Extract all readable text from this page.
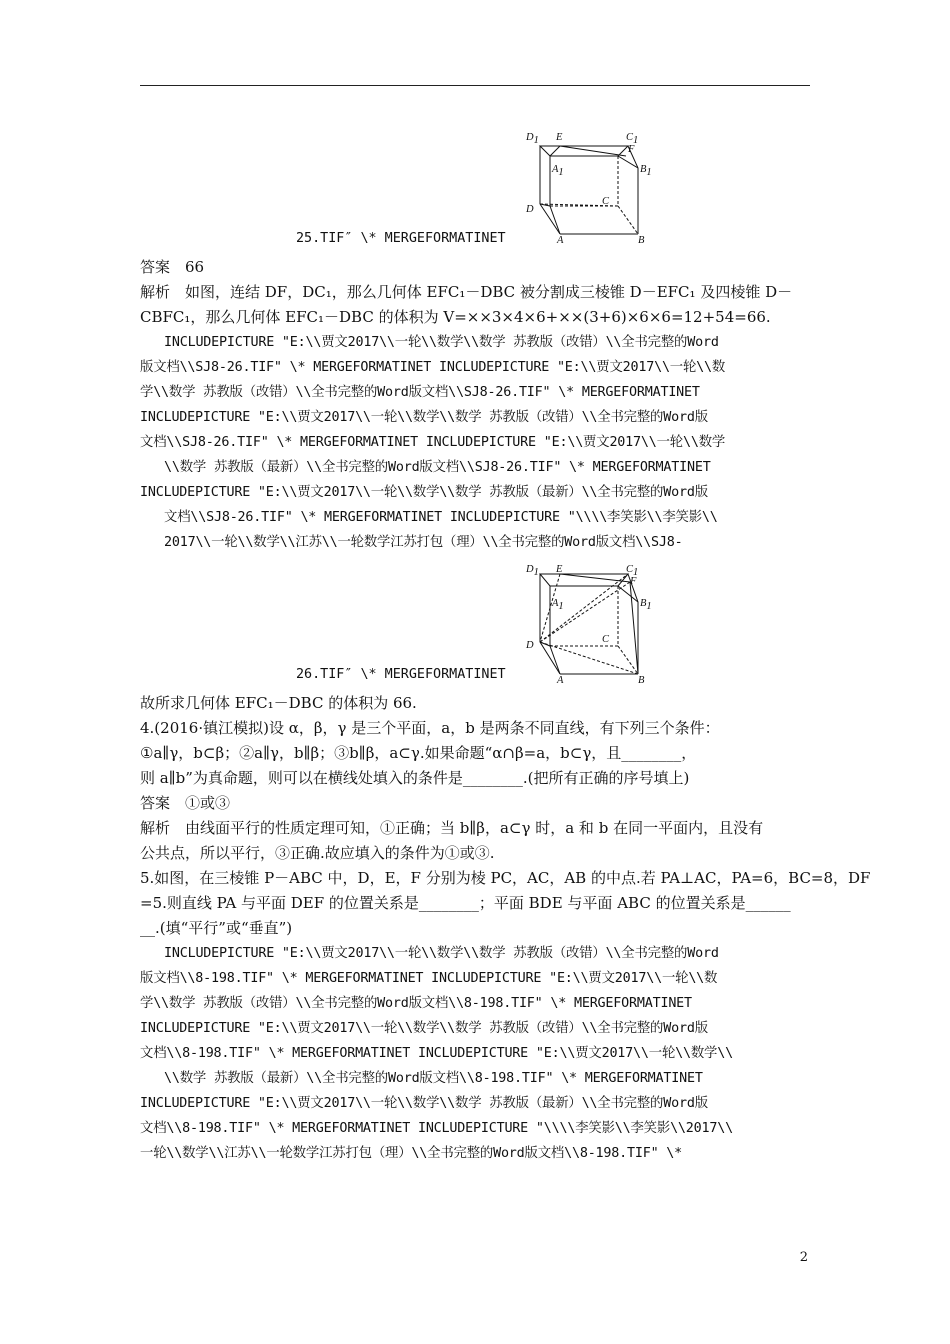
D1 E	C1
F
A1	B1
D
C
A	B
25.TIF″ \* MERGEFORMATINET
答案　66
解析　如图，连结 DF，DC₁，那么几何体 EFC₁－DBC 被分割成三棱锥 D－EFC₁ 及四棱锥 D－
CBFC₁，那么几何体 EFC₁－DBC 的体积为 V=××3×4×6+××(3+6)×6×6=12+54=66.
INCLUDEPICTURE "E:\\贾文2017\\一轮\\数学\\数学 苏教版（改错）\\全书完整的Word
版文档\\SJ8-26.TIF" \* MERGEFORMATINET INCLUDEPICTURE "E:\\贾文2017\\一轮\\数
学\\数学 苏教版（改错）\\全书完整的Word版文档\\SJ8-26.TIF" \* MERGEFORMATINET
INCLUDEPICTURE "E:\\贾文2017\\一轮\\数学\\数学 苏教版（改错）\\全书完整的Word版
文档\\SJ8-26.TIF" \* MERGEFORMATINET INCLUDEPICTURE "E:\\贾文2017\\一轮\\数学
\\数学 苏教版（最新）\\全书完整的Word版文档\\SJ8-26.TIF" \* MERGEFORMATINET
INCLUDEPICTURE "E:\\贾文2017\\一轮\\数学\\数学 苏教版（最新）\\全书完整的Word版
文档\\SJ8-26.TIF" \* MERGEFORMATINET INCLUDEPICTURE "\\\\李笑影\\李笑影\\
2017\\一轮\\数学\\江苏\\一轮数学江苏打包（理）\\全书完整的Word版文档\\SJ8-
D1 E	C1
F
A1	B1
D
C
A	B
26.TIF″ \* MERGEFORMATINET
故所求几何体 EFC₁－DBC 的体积为 66.
4.(2016·镇江模拟)设 α，β，γ 是三个平面，a，b 是两条不同直线，有下列三个条件：
①a∥γ，b⊂β；②a∥γ，b∥β；③b∥β，a⊂γ.如果命题“α∩β=a，b⊂γ，且________，
则 a∥b”为真命题，则可以在横线处填入的条件是________.(把所有正确的序号填上)
答案　①或③
解析　由线面平行的性质定理可知，①正确；当 b∥β，a⊂γ 时，a 和 b 在同一平面内，且没有
公共点，所以平行，③正确.故应填入的条件为①或③.
5.如图，在三棱锥 P－ABC 中，D，E，F 分别为棱 PC，AC，AB 的中点.若 PA⊥AC，PA=6，BC=8，DF
=5.则直线 PA 与平面 DEF 的位置关系是________；平面 BDE 与平面 ABC 的位置关系是______
__.(填“平行”或“垂直”)
INCLUDEPICTURE "E:\\贾文2017\\一轮\\数学\\数学 苏教版（改错）\\全书完整的Word
版文档\\8-198.TIF" \* MERGEFORMATINET INCLUDEPICTURE "E:\\贾文2017\\一轮\\数
学\\数学 苏教版（改错）\\全书完整的Word版文档\\8-198.TIF" \* MERGEFORMATINET
INCLUDEPICTURE "E:\\贾文2017\\一轮\\数学\\数学 苏教版（改错）\\全书完整的Word版
文档\\8-198.TIF" \* MERGEFORMATINET INCLUDEPICTURE "E:\\贾文2017\\一轮\\数学\\
\\数学 苏教版（最新）\\全书完整的Word版文档\\8-198.TIF" \* MERGEFORMATINET
INCLUDEPICTURE "E:\\贾文2017\\一轮\\数学\\数学 苏教版（最新）\\全书完整的Word版
文档\\8-198.TIF" \* MERGEFORMATINET INCLUDEPICTURE "\\\\李笑影\\李笑影\\2017\\
一轮\\数学\\江苏\\一轮数学江苏打包（理）\\全书完整的Word版文档\\8-198.TIF" \*
2
